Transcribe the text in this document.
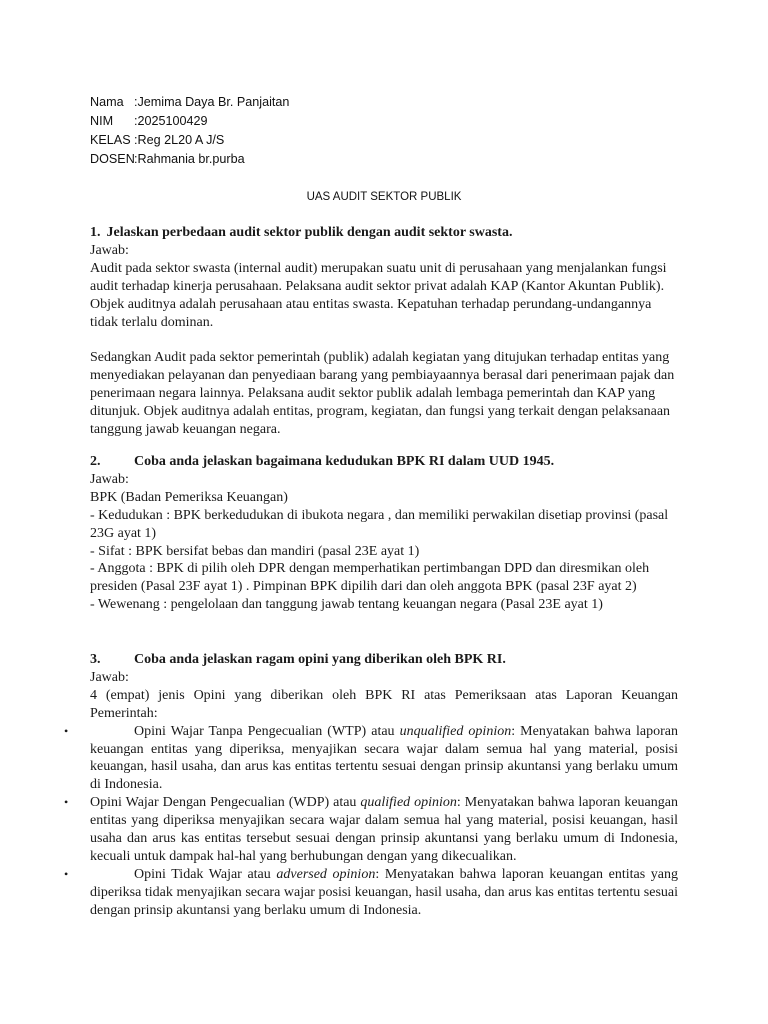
Nama :Jemima Daya Br. Panjaitan
NIM :2025100429
KELAS :Reg 2L20 A J/S
DOSEN:Rahmania br.purba
UAS AUDIT SEKTOR PUBLIK

1. Jelaskan perbedaan audit sektor publik dengan audit sektor swasta.

Jawab:

Audit pada sektor swasta (internal audit) merupakan suatu unit di perusahaan yang menjalankan fungsi audit terhadap kinerja perusahaan. Pelaksana audit sektor privat adalah KAP (Kantor Akuntan Publik). Objek auditnya adalah perusahaan atau entitas swasta. Kepatuhan terhadap perundang-undangannya tidak terlalu dominan.

Sedangkan Audit pada sektor pemerintah (publik) adalah kegiatan yang ditujukan terhadap entitas yang menyediakan pelayanan dan penyediaan barang yang pembiayaannya berasal dari penerimaan pajak dan penerimaan negara lainnya. Pelaksana audit sektor publik adalah lembaga pemerintah dan KAP yang ditunjuk. Objek auditnya adalah entitas, program, kegiatan, dan fungsi yang terkait dengan pelaksanaan tanggung jawab keuangan negara.

2. Coba anda jelaskan bagaimana kedudukan BPK RI dalam UUD 1945.

Jawab:

BPK (Badan Pemeriksa Keuangan)

- Kedudukan : BPK berkedudukan di ibukota negara , dan memiliki perwakilan disetiap provinsi (pasal 23G ayat 1)

- Sifat : BPK bersifat bebas dan mandiri (pasal 23E ayat 1)

- Anggota : BPK di pilih oleh DPR dengan memperhatikan pertimbangan DPD dan diresmikan oleh presiden (Pasal 23F ayat 1) . Pimpinan BPK dipilih dari dan oleh anggota BPK (pasal 23F ayat 2)

- Wewenang : pengelolaan dan tanggung jawab tentang keuangan negara (Pasal 23E ayat 1)

3. Coba anda jelaskan ragam opini yang diberikan oleh BPK RI.

Jawab:

4 (empat) jenis Opini yang diberikan oleh BPK RI atas Pemeriksaan atas Laporan Keuangan Pemerintah:

•	Opini Wajar Tanpa Pengecualian (WTP) atau unqualified opinion: Menyatakan bahwa laporan keuangan entitas yang diperiksa, menyajikan secara wajar dalam semua hal yang material, posisi keuangan, hasil usaha, dan arus kas entitas tertentu sesuai dengan prinsip akuntansi yang berlaku umum di Indonesia.

• Opini Wajar Dengan Pengecualian (WDP) atau qualified opinion: Menyatakan bahwa laporan keuangan entitas yang diperiksa menyajikan secara wajar dalam semua hal yang material, posisi keuangan, hasil usaha dan arus kas entitas tersebut sesuai dengan prinsip akuntansi yang berlaku umum di Indonesia, kecuali untuk dampak hal-hal yang berhubungan dengan yang dikecualikan.

•	Opini Tidak Wajar atau adversed opinion: Menyatakan bahwa laporan keuangan entitas yang diperiksa tidak menyajikan secara wajar posisi keuangan, hasil usaha, dan arus kas entitas tertentu sesuai dengan prinsip akuntansi yang berlaku umum di Indonesia.
